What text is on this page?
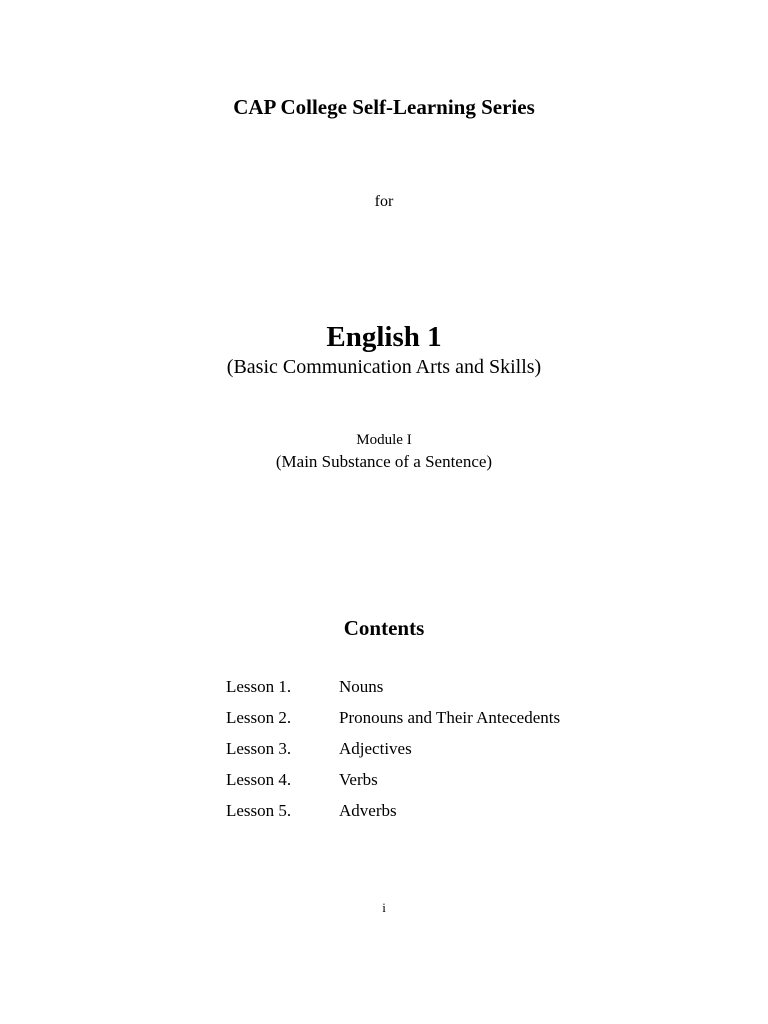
CAP College Self-Learning Series
for
English 1
(Basic Communication Arts and Skills)
Module I
(Main Substance of a Sentence)
Contents
Lesson 1.	Nouns
Lesson 2.	Pronouns and Their Antecedents
Lesson 3.	Adjectives
Lesson 4.	Verbs
Lesson 5.	Adverbs
i
